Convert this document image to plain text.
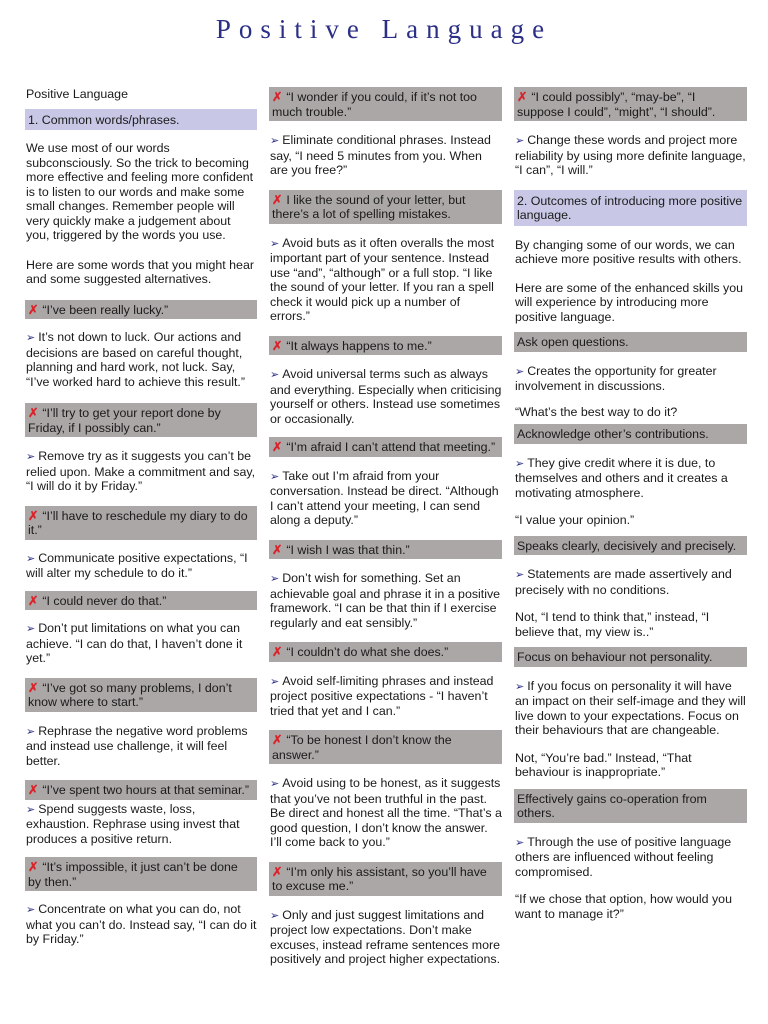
Positive Language
Positive Language
1. Common words/phrases.
We use most of our words subconsciously. So the trick to becoming more effective and feeling more confident is to listen to our words and make some small changes. Remember people will very quickly make a judgement about you, triggered by the words you use.
Here are some words that you might hear and some suggested alternatives.
✗ “I’ve been really lucky.”
➢ It’s not down to luck. Our actions and decisions are based on careful thought, planning and hard work, not luck. Say, “I’ve worked hard to achieve this result.”
✗ “I’ll try to get your report done by Friday, if I possibly can.”
➢ Remove try as it suggests you can’t be relied upon. Make a commitment and say, “I will do it by Friday.”
✗ “I’ll have to reschedule my diary to do it.”
➢ Communicate positive expectations, “I will alter my schedule to do it.”
✗ “I could never do that.”
➢ Don’t put limitations on what you can achieve. “I can do that, I haven’t done it yet.”
✗ “I’ve got so many problems, I don’t know where to start.”
➢ Rephrase the negative word problems and instead use challenge, it will feel better.
✗ “I’ve spent two hours at that seminar.”
➢ Spend suggests waste, loss, exhaustion. Rephrase using invest that produces a positive return.
✗ “It’s impossible, it just can’t be done by then.”
➢ Concentrate on what you can do, not what you can’t do. Instead say, “I can do it by Friday.”
✗ “I wonder if you could, if it’s not too much trouble.”
➢ Eliminate conditional phrases. Instead say, “I need 5 minutes from you. When are you free?”
✗ I like the sound of your letter, but there’s a lot of spelling mistakes.
➢ Avoid buts as it often overalls the most important part of your sentence. Instead use “and”, “although” or a full stop. “I like the sound of your letter. If you ran a spell check it would pick up a number of errors.”
✗ “It always happens to me.”
➢ Avoid universal terms such as always and everything. Especially when criticising yourself or others. Instead use sometimes or occasionally.
✗ “I’m afraid I can’t attend that meeting.”
➢ Take out I’m afraid from your conversation. Instead be direct. “Although I can’t attend your meeting, I can send along a deputy.”
✗ “I wish I was that thin.”
➢ Don’t wish for something. Set an achievable goal and phrase it in a positive framework. “I can be that thin if I exercise regularly and eat sensibly.”
✗ “I couldn’t do what she does.”
➢ Avoid self-limiting phrases and instead project positive expectations - “I haven’t tried that yet and I can.”
✗ “To be honest I don’t know the answer.”
➢ Avoid using to be honest, as it suggests that you’ve not been truthful in the past. Be direct and honest all the time. “That’s a good question, I don’t know the answer. I’ll come back to you.”
✗ “I’m only his assistant, so you’ll have to excuse me.”
➢ Only and just suggest limitations and project low expectations. Don’t make excuses, instead reframe sentences more positively and project higher expectations.
✗ “I could possibly”, “may-be”, “I suppose I could”, “might”, “I should”.
➢ Change these words and project more reliability by using more definite language, “I can”, “I will.”
2. Outcomes of introducing more positive language.
By changing some of our words, we can achieve more positive results with others.
Here are some of the enhanced skills you will experience by introducing more positive language.
Ask open questions.
➢ Creates the opportunity for greater involvement in discussions.
“What’s the best way to do it?
Acknowledge other’s contributions.
➢ They give credit where it is due, to themselves and others and it creates a motivating atmosphere.
“I value your opinion.”
Speaks clearly, decisively and precisely.
➢ Statements are made assertively and precisely with no conditions.
Not, “I tend to think that,” instead, “I believe that, my view is..”
Focus on behaviour not personality.
➢ If you focus on personality it will have an impact on their self-image and they will live down to your expectations. Focus on their behaviours that are changeable.
Not, “You’re bad.” Instead, “That behaviour is inappropriate.”
Effectively gains co-operation from others.
➢ Through the use of positive language others are influenced without feeling compromised.
“If we chose that option, how would you want to manage it?”
